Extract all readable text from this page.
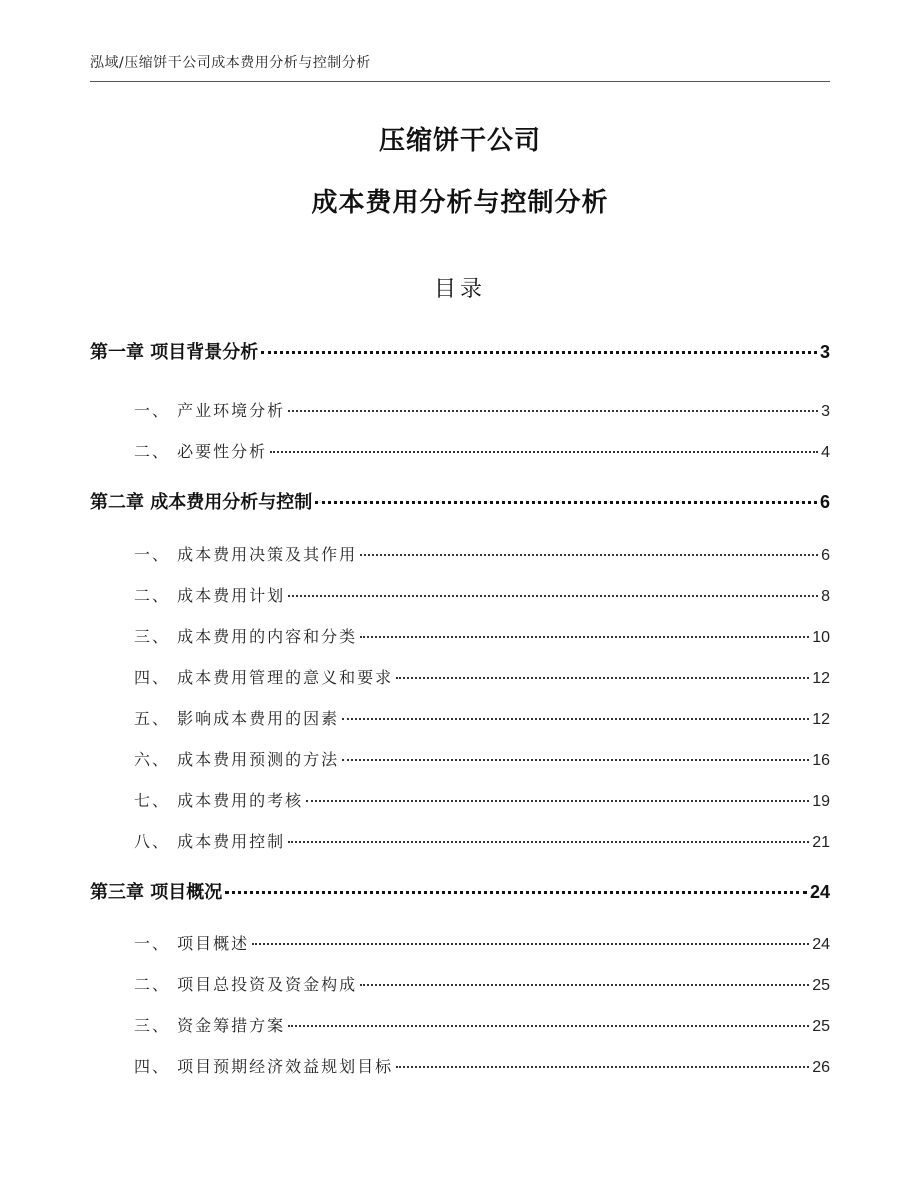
泓域/压缩饼干公司成本费用分析与控制分析
压缩饼干公司
成本费用分析与控制分析
目录
第一章 项目背景分析	3
一、 产业环境分析	3
二、 必要性分析	4
第二章 成本费用分析与控制	6
一、 成本费用决策及其作用	6
二、 成本费用计划	8
三、 成本费用的内容和分类	10
四、 成本费用管理的意义和要求	12
五、 影响成本费用的因素	12
六、 成本费用预测的方法	16
七、 成本费用的考核	19
八、 成本费用控制	21
第三章 项目概况	24
一、 项目概述	24
二、 项目总投资及资金构成	25
三、 资金筹措方案	25
四、 项目预期经济效益规划目标	26
